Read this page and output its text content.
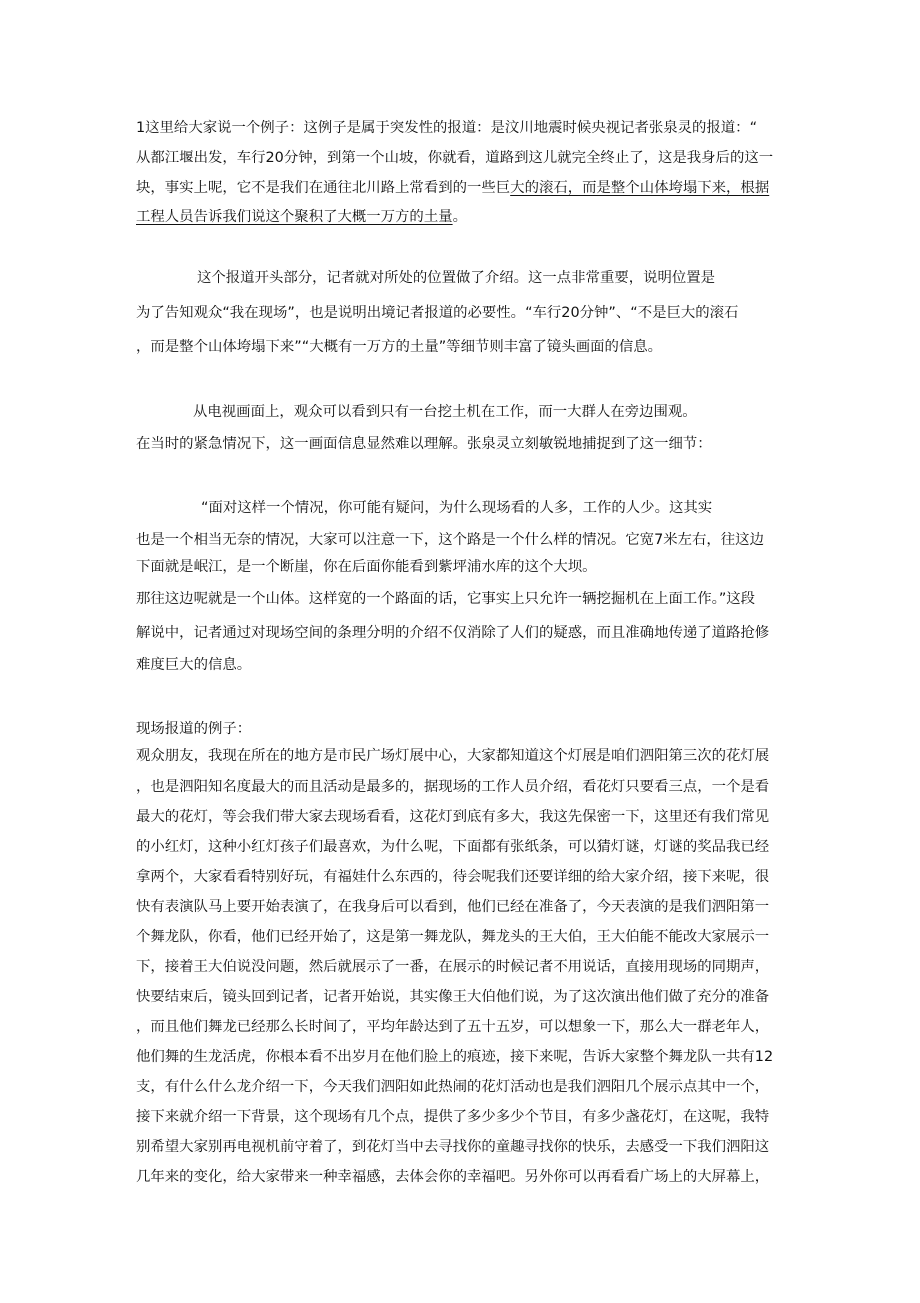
1这里给大家说一个例子：这例子是属于突发性的报道：是汶川地震时候央视记者张泉灵的报道：“
从都江堰出发，车行20分钟，到第一个山坡，你就看，道路到这儿就完全终止了，这是我身后的这一
块，事实上呢，它不是我们在通往北川路上常看到的一些巨大的滚石，而是整个山体垮塌下来，根据
工程人员告诉我们说这个聚积了大概一万方的土量。
这个报道开头部分，记者就对所处的位置做了介绍。这一点非常重要，说明位置是
为了告知观众“我在现场”，也是说明出境记者报道的必要性。“车行20分钟”、“不是巨大的滚石
，而是整个山体垮塌下来”“大概有一万方的土量”等细节则丰富了镜头画面的信息。
从电视画面上，观众可以看到只有一台挖土机在工作，而一大群人在旁边围观。
在当时的紧急情况下，这一画面信息显然难以理解。张泉灵立刻敏锐地捕捉到了这一细节：
“面对这样一个情况，你可能有疑问，为什么现场看的人多，工作的人少。这其实
也是一个相当无奈的情况，大家可以注意一下，这个路是一个什么样的情况。它宽7米左右，往这边
下面就是岷江，是一个断崖，你在后面你能看到紫坪浦水库的这个大坝。
那往这边呢就是一个山体。这样宽的一个路面的话，它事实上只允许一辆挖掘机在上面工作。”这段
解说中，记者通过对现场空间的条理分明的介绍不仅消除了人们的疑惑，而且准确地传递了道路抢修
难度巨大的信息。
现场报道的例子：
观众朋友，我现在所在的地方是市民广场灯展中心，大家都知道这个灯展是咱们泗阳第三次的花灯展
，也是泗阳知名度最大的而且活动是最多的，据现场的工作人员介绍，看花灯只要看三点，一个是看
最大的花灯，等会我们带大家去现场看看，这花灯到底有多大，我这先保密一下，这里还有我们常见
的小红灯，这种小红灯孩子们最喜欢，为什么呢，下面都有张纸条，可以猜灯谜，灯谜的奖品我已经
拿两个，大家看看特别好玩，有福娃什么东西的，待会呢我们还要详细的给大家介绍，接下来呢，很
快有表演队马上要开始表演了，在我身后可以看到，他们已经在准备了，今天表演的是我们泗阳第一
个舞龙队，你看，他们已经开始了，这是第一舞龙队，舞龙头的王大伯，王大伯能不能改大家展示一
下，接着王大伯说没问题，然后就展示了一番，在展示的时候记者不用说话，直接用现场的同期声，
快要结束后，镜头回到记者，记者开始说，其实像王大伯他们说，为了这次演出他们做了充分的准备
，而且他们舞龙已经那么长时间了，平均年龄达到了五十五岁，可以想象一下，那么大一群老年人，
他们舞的生龙活虎，你根本看不出岁月在他们脸上的痕迹，接下来呢，告诉大家整个舞龙队一共有12
支，有什么什么龙介绍一下，今天我们泗阳如此热闹的花灯活动也是我们泗阳几个展示点其中一个，
接下来就介绍一下背景，这个现场有几个点，提供了多少多少个节目，有多少盏花灯，在这呢，我特
别希望大家别再电视机前守着了，到花灯当中去寻找你的童趣寻找你的快乐，去感受一下我们泗阳这
几年来的变化，给大家带来一种幸福感，去体会你的幸福吧。另外你可以再看看广场上的大屏幕上，
